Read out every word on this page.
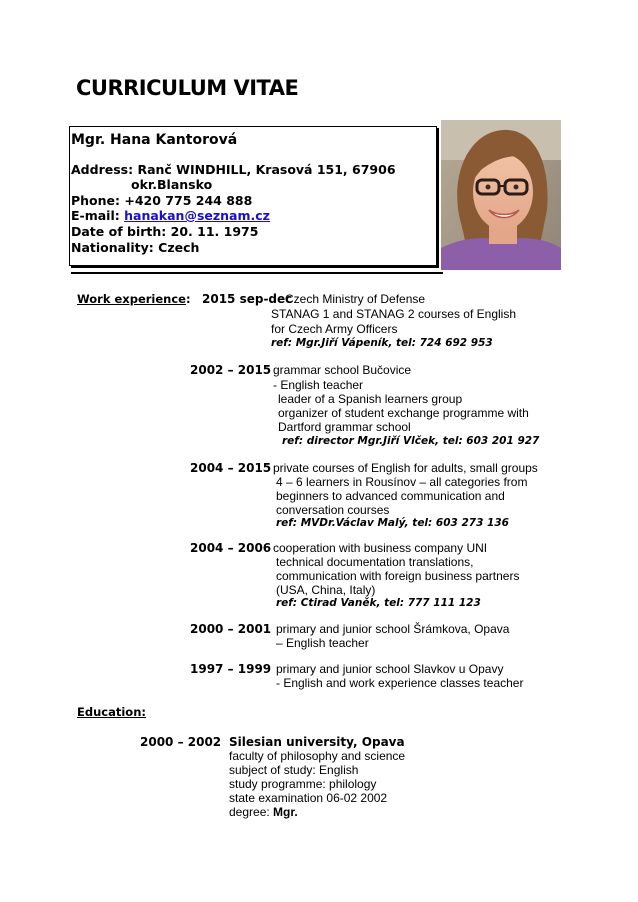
CURRICULUM VITAE
Mgr. Hana Kantorová
Address: Ranč WINDHILL, Krasová 151, 67906
okr.Blansko
Phone: +420 775 244 888
E-mail: hanakan@seznam.cz
Date of birth: 20. 11. 1975
Nationality: Czech
Work experience: 2015 sep-dec
Czech Ministry of Defense
STANAG 1 and STANAG 2 courses of English
for Czech Army Officers
ref: Mgr.Jiří Vápeník, tel: 724 692 953
2002 – 2015 grammar school Bučovice
- English teacher
leader of a Spanish learners group
organizer of student exchange programme with
Dartford grammar school
ref: director Mgr.Jiří Vlček, tel: 603 201 927
2004 – 2015 private courses of English for adults, small groups
4 – 6 learners in Rousínov – all categories from
beginners to advanced communication and
conversation courses
ref: MVDr.Václav Malý, tel: 603 273 136
2004 – 2006 cooperation with business company UNI
technical documentation translations,
communication with foreign business partners
(USA, China, Italy)
ref: Ctirad Vaněk, tel: 777 111 123
2000 – 2001 primary and junior school Šrámkova, Opava
– English teacher
1997 – 1999 primary and junior school Slavkov u Opavy
- English and work experience classes teacher
Education:
2000 – 2002 Silesian university, Opava
faculty of philosophy and science
subject of study: English
study programme: philology
state examination 06-02 2002
degree: Mgr.
